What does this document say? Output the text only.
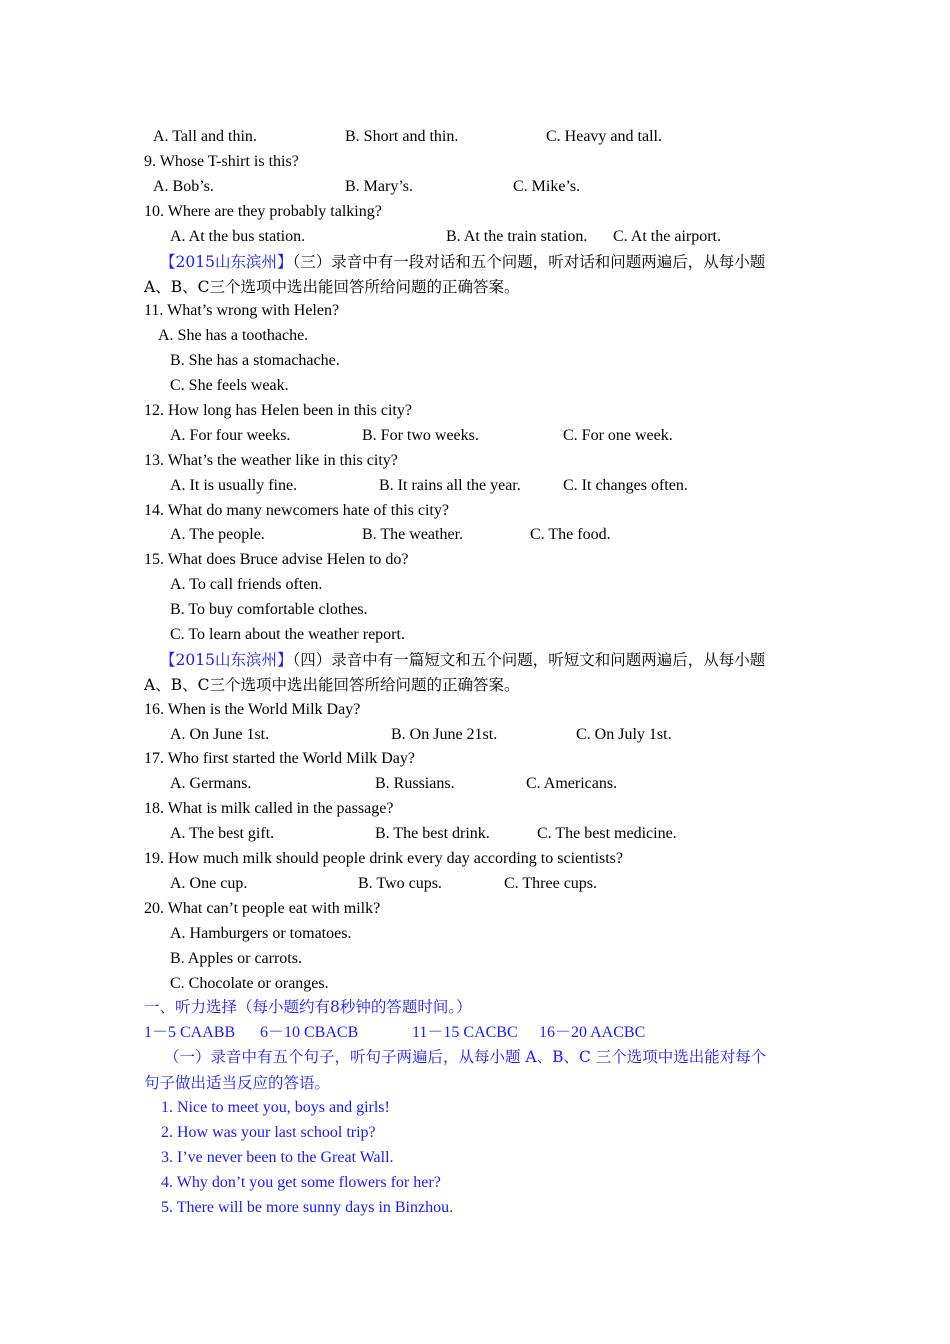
A. Tall and thin.	B. Short and thin.	C. Heavy and tall.
9. Whose T-shirt is this?
A. Bob’s.	B. Mary’s.	C. Mike’s.
10. Where are they probably talking?
A. At the bus station.	B. At the train station. C. At the airport.
【2015山东滨州】（三）录音中有一段对话和五个问题，听对话和问题两遍后，从每小题
A、B、C三个选项中选出能回答所给问题的正确答案。
11. What’s wrong with Helen?
A. She has a toothache.
B. She has a stomachache.
C. She feels weak.
12. How long has Helen been in this city?
A. For four weeks.	B. For two weeks.	C. For one week.
13. What’s the weather like in this city?
A. It is usually fine.	B. It rains all the year.	C. It changes often.
14. What do many newcomers hate of this city?
A. The people.	B. The weather.	C. The food.
15. What does Bruce advise Helen to do?
A. To call friends often.
B. To buy comfortable clothes.
C. To learn about the weather report.
【2015山东滨州】（四）录音中有一篇短文和五个问题，听短文和问题两遍后，从每小题
A、B、C三个选项中选出能回答所给问题的正确答案。
16. When is the World Milk Day?
A. On June 1st.	B. On June 21st.	C. On July 1st.
17. Who first started the World Milk Day?
A. Germans.	B. Russians.	C. Americans.
18. What is milk called in the passage?
A. The best gift.	B. The best drink.	C. The best medicine.
19. How much milk should people drink every day according to scientists?
A. One cup.	B. Two cups.	C. Three cups.
20. What can’t people eat with milk?
A. Hamburgers or tomatoes.
B. Apples or carrots.
C. Chocolate or oranges.
一、听力选择（每小题约有8秒钟的答题时间。）
1－5 CAABB 6－10 CBACB	11－15 CACBC 16－20 AACBC
（一）录音中有五个句子，听句子两遍后，从每小题 A、B、C 三个选项中选出能对每个
句子做出适当反应的答语。
1. Nice to meet you, boys and girls!
2. How was your last school trip?
3. I’ve never been to the Great Wall.
4. Why don’t you get some flowers for her?
5. There will be more sunny days in Binzhou.
